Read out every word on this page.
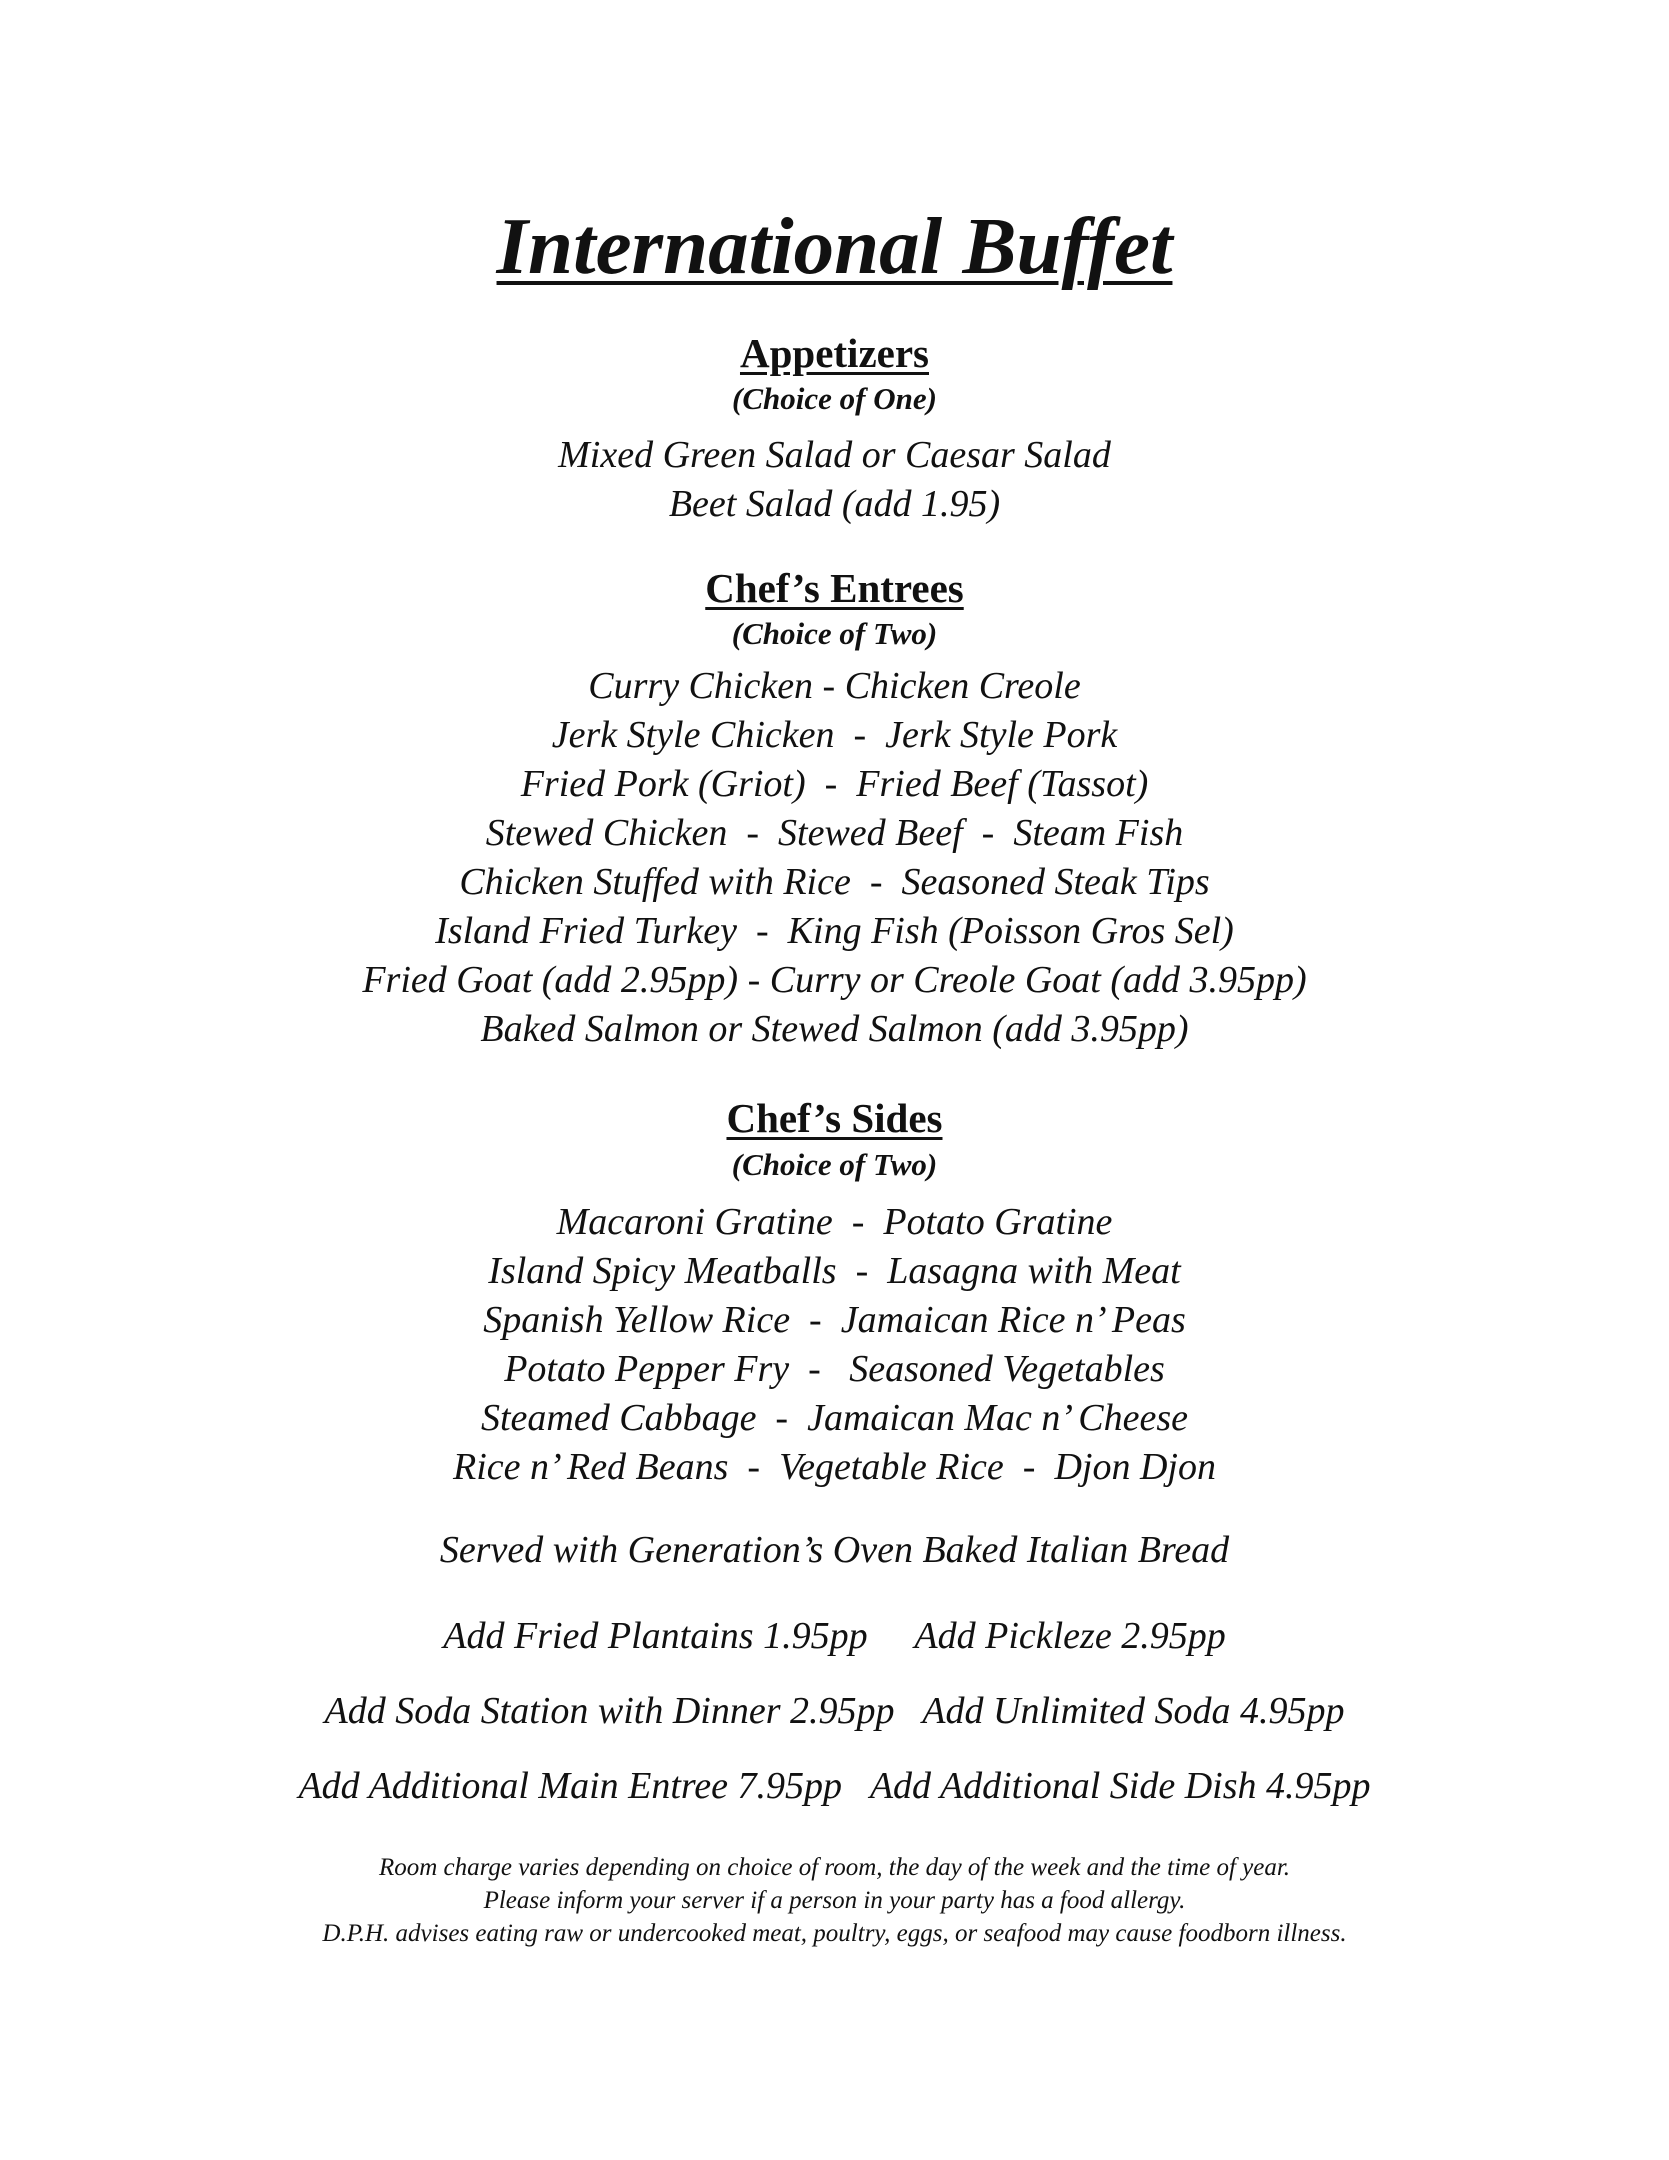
International Buffet
Appetizers

(Choice of One)

Mixed Green Salad or Caesar Salad

Beet Salad (add 1.95)

Chef’s Entrees

(Choice of Two)

Curry Chicken - Chicken Creole

Jerk Style Chicken  -  Jerk Style Pork

Fried Pork (Griot)  -  Fried Beef (Tassot)

Stewed Chicken  -  Stewed Beef  -  Steam Fish

Chicken Stuffed with Rice  -  Seasoned Steak Tips

Island Fried Turkey  -  King Fish (Poisson Gros Sel)

Fried Goat (add 2.95pp) - Curry or Creole Goat (add 3.95pp)

Baked Salmon or Stewed Salmon (add 3.95pp)

Chef’s Sides

(Choice of Two)

Macaroni Gratine  -  Potato Gratine

Island Spicy Meatballs  -  Lasagna with Meat

Spanish Yellow Rice  -  Jamaican Rice n’ Peas

Potato Pepper Fry  -   Seasoned Vegetables

Steamed Cabbage  -  Jamaican Mac n’ Cheese

Rice n’ Red Beans  -  Vegetable Rice  -  Djon Djon

Served with Generation’s Oven Baked Italian Bread

Add Fried Plantains 1.95pp     Add Pickleze 2.95pp

Add Soda Station with Dinner 2.95pp   Add Unlimited Soda 4.95pp

Add Additional Main Entree 7.95pp   Add Additional Side Dish 4.95pp

Room charge varies depending on choice of room, the day of the week and the time of year.

Please inform your server if a person in your party has a food allergy.

D.P.H. advises eating raw or undercooked meat, poultry, eggs, or seafood may cause foodborn illness.
